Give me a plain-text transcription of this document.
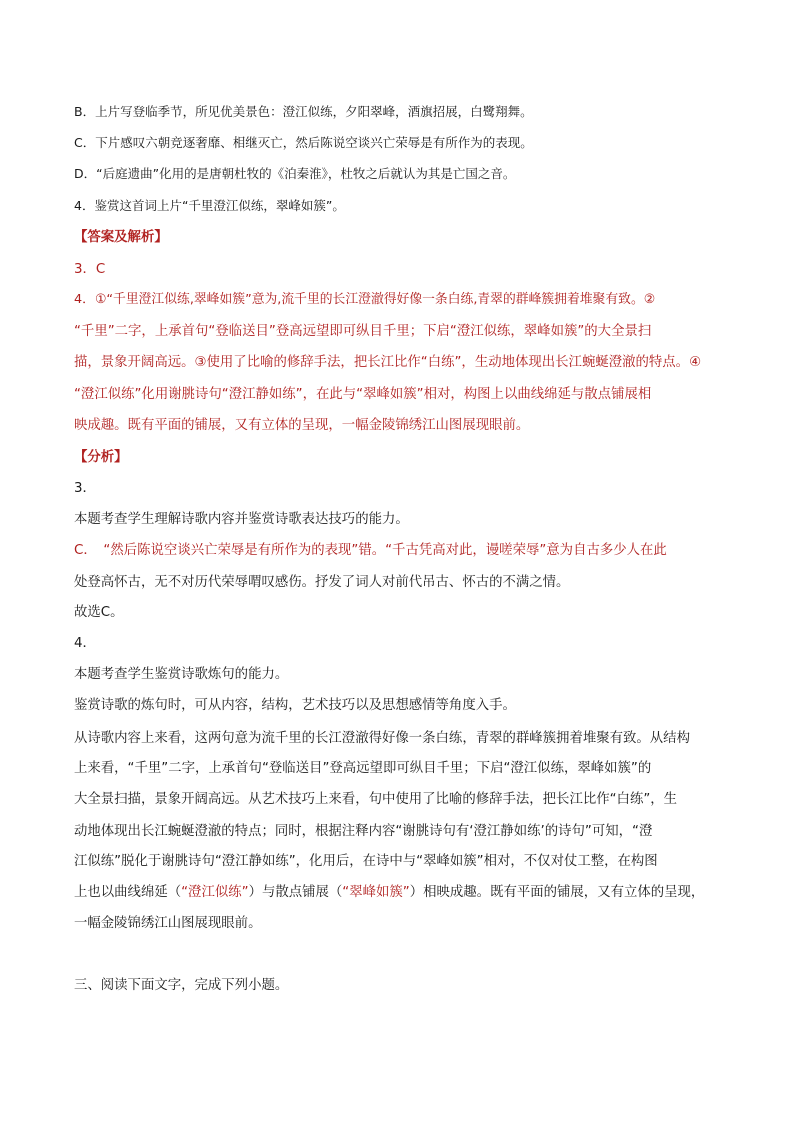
B．上片写登临季节，所见优美景色：澄江似练，夕阳翠峰，酒旗招展，白鹭翔舞。
C．下片感叹六朝竞逐奢靡、相继灭亡，然后陈说空谈兴亡荣辱是有所作为的表现。
D．“后庭遗曲”化用的是唐朝杜牧的《泊秦淮》，杜牧之后就认为其是亡国之音。
4．鉴赏这首词上片“千里澄江似练，翠峰如簇”。
【答案及解析】
3．C
4．①“千里澄江似练,翠峰如簇”意为,流千里的长江澄澈得好像一条白练,青翠的群峰簇拥着堆聚有致。②
“千里”二字，上承首句“登临送目”登高远望即可纵目千里；下启“澄江似练，翠峰如簇”的大全景扫
描，景象开阔高远。③使用了比喻的修辞手法，把长江比作“白练”，生动地体现出长江蜿蜒澄澈的特点。④
“澄江似练”化用谢朓诗句“澄江静如练”，在此与“翠峰如簇”相对，构图上以曲线绵延与散点铺展相
映成趣。既有平面的铺展，又有立体的呈现，一幅金陵锦绣江山图展现眼前。
【分析】
3．
本题考查学生理解诗歌内容并鉴赏诗歌表达技巧的能力。
C．　“然后陈说空谈兴亡荣辱是有所作为的表现”错。“千古凭高对此，谩嗟荣辱”意为自古多少人在此
处登高怀古，无不对历代荣辱喟叹感伤。抒发了词人对前代吊古、怀古的不满之情。
故选C。
4．
本题考查学生鉴赏诗歌炼句的能力。
鉴赏诗歌的炼句时，可从内容，结构，艺术技巧以及思想感情等角度入手。
从诗歌内容上来看，这两句意为流千里的长江澄澈得好像一条白练，青翠的群峰簇拥着堆聚有致。从结构
上来看，“千里”二字，上承首句“登临送目”登高远望即可纵目千里；下启“澄江似练，翠峰如簇”的
大全景扫描，景象开阔高远。从艺术技巧上来看，句中使用了比喻的修辞手法，把长江比作“白练”，生
动地体现出长江蜿蜒澄澈的特点；同时，根据注释内容“谢朓诗句有‘澄江静如练’的诗句”可知，“澄
江似练”脱化于谢朓诗句“澄江静如练”，化用后，在诗中与“翠峰如簇”相对，不仅对仗工整，在构图
上也以曲线绵延（“澄江似练”）与散点铺展（“翠峰如簇”）相映成趣。既有平面的铺展，又有立体的呈现，
一幅金陵锦绣江山图展现眼前。
三、阅读下面文字，完成下列小题。
